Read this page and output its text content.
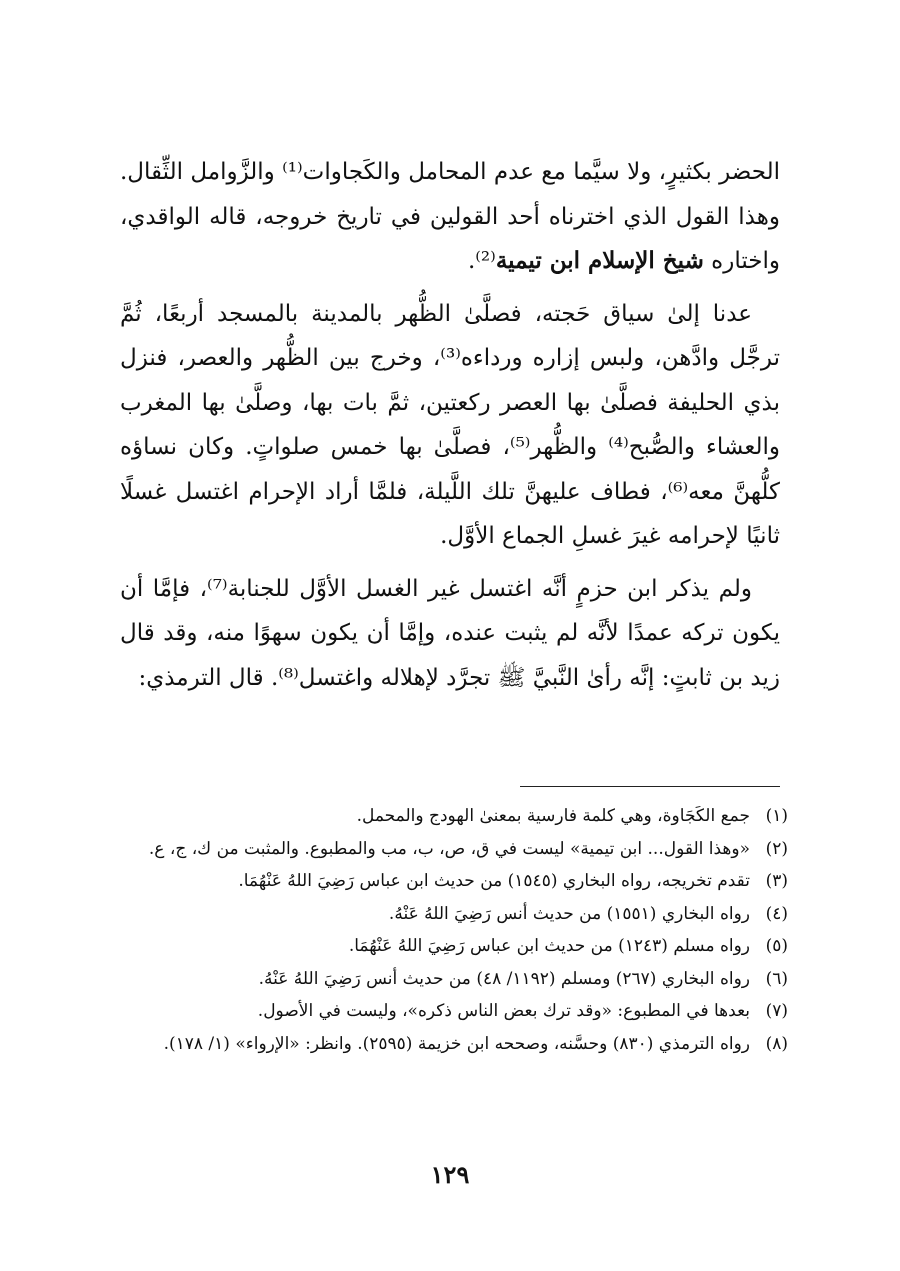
الحضر بكثيرٍ، ولا سيَّما مع عدم المحامل والكَجاوات⁽¹⁾ والزَّوامل الثِّقال. وهذا القول الذي اخترناه أحد القولين في تاريخ خروجه، قاله الواقدي، واختاره شيخ الإسلام ابن تيمية⁽²⁾.

عدنا إلىٰ سياق حَجته، فصلَّىٰ الظُّهر بالمدينة بالمسجد أربعًا، ثُمَّ ترجَّل وادَّهن، ولبس إزاره ورداءه⁽³⁾، وخرج بين الظُّهر والعصر، فنزل بذي الحليفة فصلَّىٰ بها العصر ركعتين، ثمَّ بات بها، وصلَّىٰ بها المغرب والعشاء والصُّبح⁽⁴⁾ والظُّهر⁽⁵⁾، فصلَّىٰ بها خمس صلواتٍ. وكان نساؤه كلُّهنَّ معه⁽⁶⁾، فطاف عليهنَّ تلك اللَّيلة، فلمَّا أراد الإحرام اغتسل غسلًا ثانيًا لإحرامه غيرَ غسلِ الجماع الأوَّل.

ولم يذكر ابن حزمٍ أنَّه اغتسل غير الغسل الأوَّل للجنابة⁽⁷⁾، فإمَّا أن يكون تركه عمدًا لأنَّه لم يثبت عنده، وإمَّا أن يكون سهوًا منه، وقد قال زيد بن ثابتٍ: إنَّه رأىٰ النَّبيَّ ﷺ تجرَّد لإهلاله واغتسل⁽⁸⁾. قال الترمذي:

(١)
جمع الكَجَاوة، وهي كلمة فارسية بمعنىٰ الهودج والمحمل.
(٢)
«وهذا القول... ابن تيمية» ليست في ق، ص، ب، مب والمطبوع. والمثبت من ك، ج، ع.
(٣)
تقدم تخريجه، رواه البخاري (١٥٤٥) من حديث ابن عباس رَضِيَ اللهُ عَنْهُمَا.
(٤)
رواه البخاري (١٥٥١) من حديث أنس رَضِيَ اللهُ عَنْهُ.
(٥)
رواه مسلم (١٢٤٣) من حديث ابن عباس رَضِيَ اللهُ عَنْهُمَا.
(٦)
رواه البخاري (٢٦٧) ومسلم (١١٩٢/ ٤٨) من حديث أنس رَضِيَ اللهُ عَنْهُ.
(٧)
بعدها في المطبوع: «وقد ترك بعض الناس ذكره»، وليست في الأصول.
(٨)
رواه الترمذي (٨٣٠) وحسَّنه، وصححه ابن خزيمة (٢٥٩٥). وانظر: «الإرواء» (١/ ١٧٨).
١٢٩
